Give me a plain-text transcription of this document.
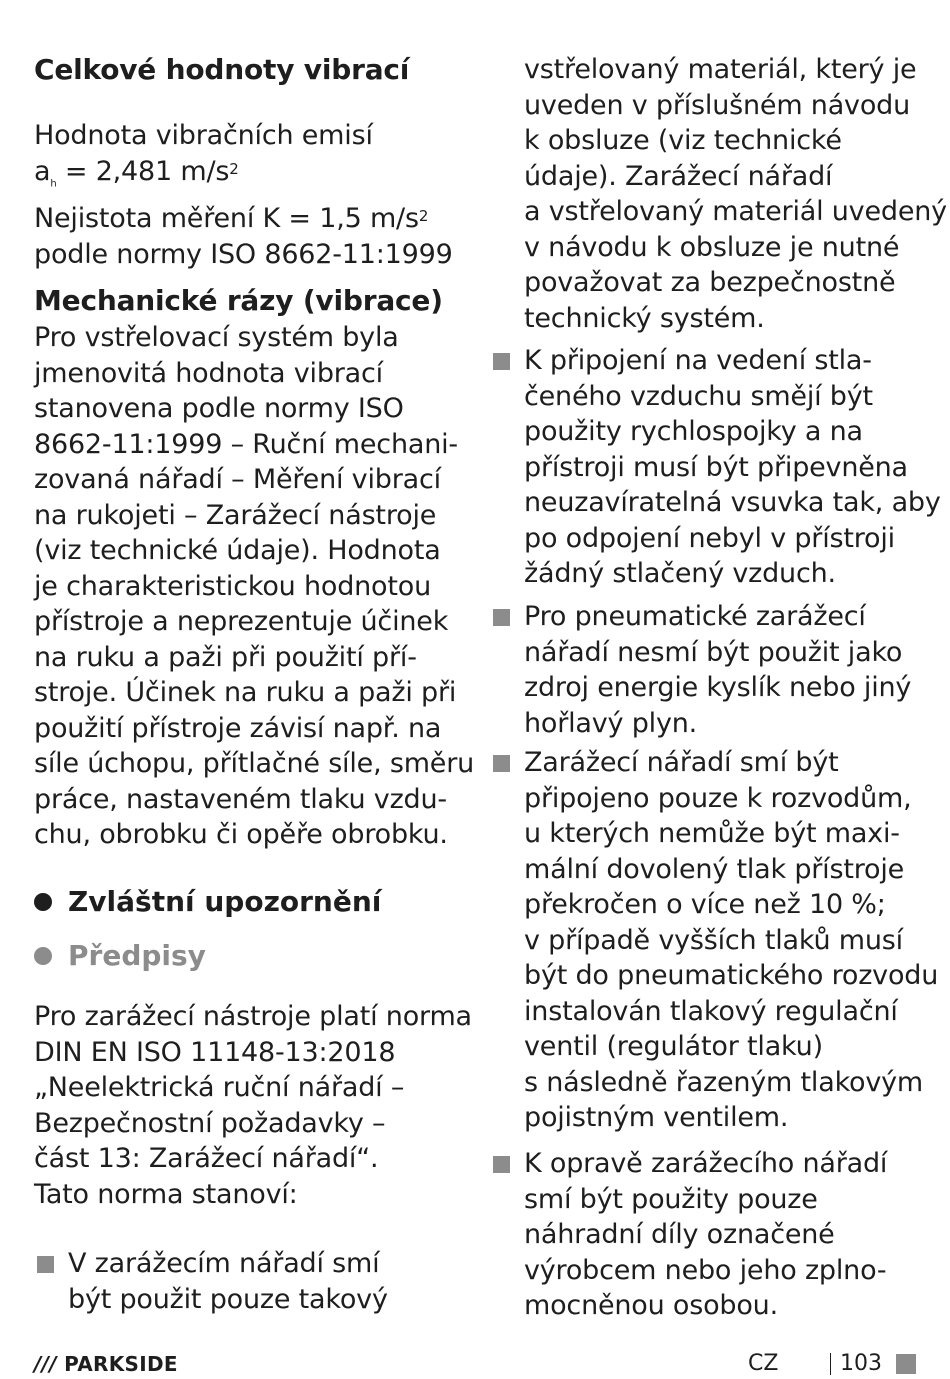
Celkové hodnoty vibrací
Hodnota vibračních emisí
$a_h = 2,481$ $m/s^2$
Nejistota měření K = 1,5 $m/s^2$
podle normy ISO 8662-11:1999
Mechanické rázy (vibrace)
Pro vstřelovací systém byla
jmenovitá hodnota vibrací
stanovena podle normy ISO
8662-11:1999 – Ruční mechani-
zovaná nářadí – Měření vibrací
na rukojeti – Zarážecí nástroje
(viz technické údaje). Hodnota
je charakteristickou hodnotou
přístroje a neprezentuje účinek
na ruku a paži při použití pří-
stroje. Účinek na ruku a paži při
použití přístroje závisí např. na
síle úchopu, přítlačné síle, směru
práce, nastaveném tlaku vzdu-
chu, obrobku či opěře obrobku.
Zvláštní upozornění
Předpisy
Pro zarážecí nástroje platí norma
DIN EN ISO 11148-13:2018
„Neelektrická ruční nářadí –
Bezpečnostní požadavky –
část 13: Zarážecí nářadí“.
Tato norma stanoví:
V zarážecím nářadí smí
být použit pouze takový
vstřelovaný materiál, který je
uveden v příslušném návodu
k obsluze (viz technické
údaje). Zarážecí nářadí
a vstřelovaný materiál uvedený
v návodu k obsluze je nutné
považovat za bezpečnostně
technický systém.
K připojení na vedení stla-
čeného vzduchu smějí být
použity rychlospojky a na
přístroji musí být připevněna
neuzavíratelná vsuvka tak, aby
po odpojení nebyl v přístroji
žádný stlačený vzduch.
Pro pneumatické zarážecí
nářadí nesmí být použit jako
zdroj energie kyslík nebo jiný
hořlavý plyn.
Zarážecí nářadí smí být
připojeno pouze k rozvodům,
u kterých nemůže být maxi-
mální dovolený tlak přístroje
překročen o více než 10 %;
v případě vyšších tlaků musí
být do pneumatického rozvodu
instalován tlakový regulační
ventil (regulátor tlaku)
s následně řazeným tlakovým
pojistným ventilem.
K opravě zarážecího nářadí
smí být použity pouze
náhradní díly označené
výrobcem nebo jeho zplno-
mocněnou osobou.
/// PARKSIDE	CZ	103
